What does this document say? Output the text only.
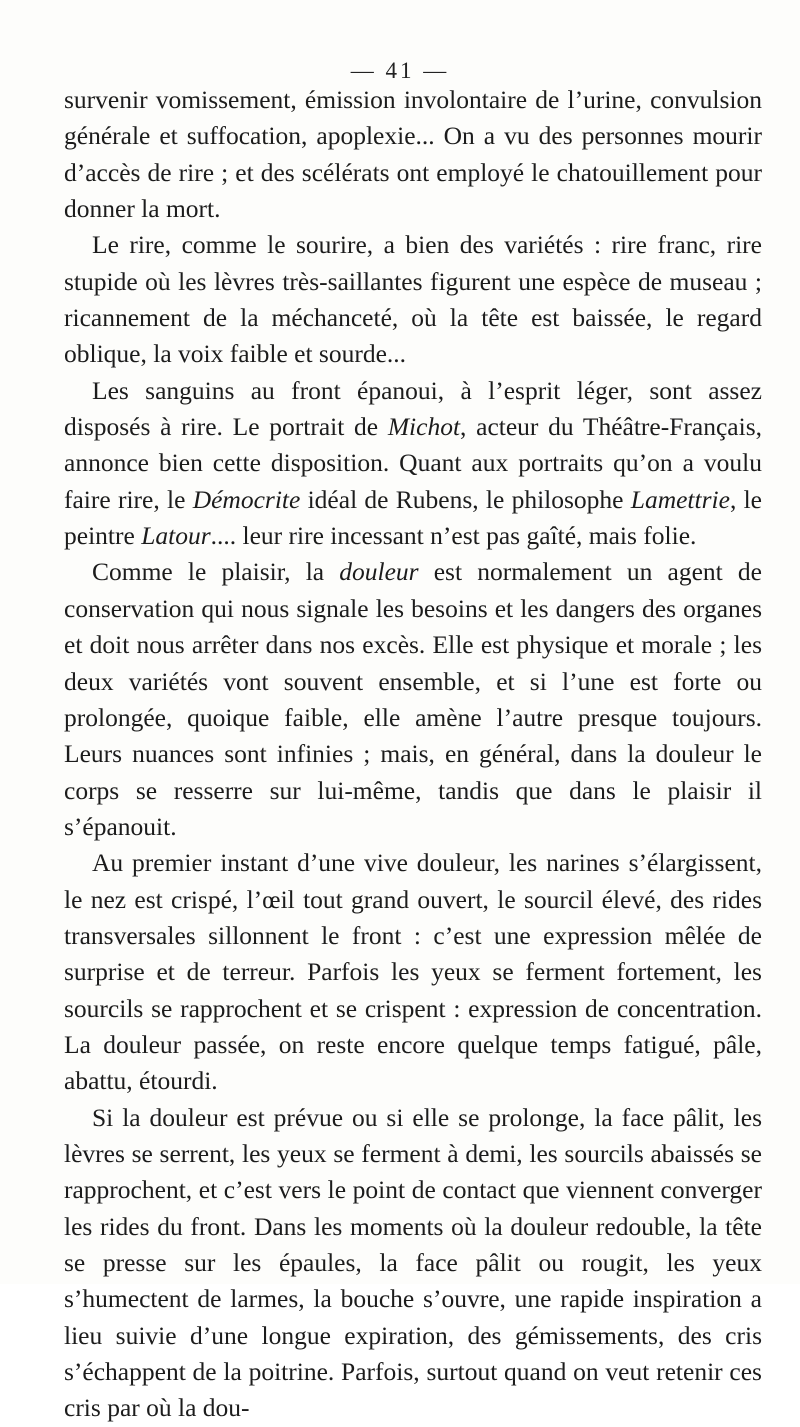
— 41 —

survenir vomissement, émission involontaire de l’urine, convulsion générale et suffocation, apoplexie... On a vu des personnes mourir d’accès de rire ; et des scélérats ont employé le chatouillement pour donner la mort.

Le rire, comme le sourire, a bien des variétés : rire franc, rire stupide où les lèvres très-saillantes figurent une espèce de museau ; ricannement de la méchanceté, où la tête est baissée, le regard oblique, la voix faible et sourde...

Les sanguins au front épanoui, à l’esprit léger, sont assez disposés à rire. Le portrait de Michot, acteur du Théâtre-Français, annonce bien cette disposition. Quant aux portraits qu’on a voulu faire rire, le Démocrite idéal de Rubens, le philosophe Lamettrie, le peintre Latour.... leur rire incessant n’est pas gaîté, mais folie.

Comme le plaisir, la douleur est normalement un agent de conservation qui nous signale les besoins et les dangers des organes et doit nous arrêter dans nos excès. Elle est physique et morale ; les deux variétés vont souvent ensemble, et si l’une est forte ou prolongée, quoique faible, elle amène l’autre presque toujours. Leurs nuances sont infinies ; mais, en général, dans la douleur le corps se resserre sur lui-même, tandis que dans le plaisir il s’épanouit.

Au premier instant d’une vive douleur, les narines s’élargissent, le nez est crispé, l’œil tout grand ouvert, le sourcil élevé, des rides transversales sillonnent le front : c’est une expression mêlée de surprise et de terreur. Parfois les yeux se ferment fortement, les sourcils se rapprochent et se crispent : expression de concentration. La douleur passée, on reste encore quelque temps fatigué, pâle, abattu, étourdi.

Si la douleur est prévue ou si elle se prolonge, la face pâlit, les lèvres se serrent, les yeux se ferment à demi, les sourcils abaissés se rapprochent, et c’est vers le point de contact que viennent converger les rides du front. Dans les moments où la douleur redouble, la tête se presse sur les épaules, la face pâlit ou rougit, les yeux s’humectent de larmes, la bouche s’ouvre, une rapide inspiration a lieu suivie d’une longue expiration, des gémissements, des cris s’échappent de la poitrine. Parfois, surtout quand on veut retenir ces cris par où la dou-
